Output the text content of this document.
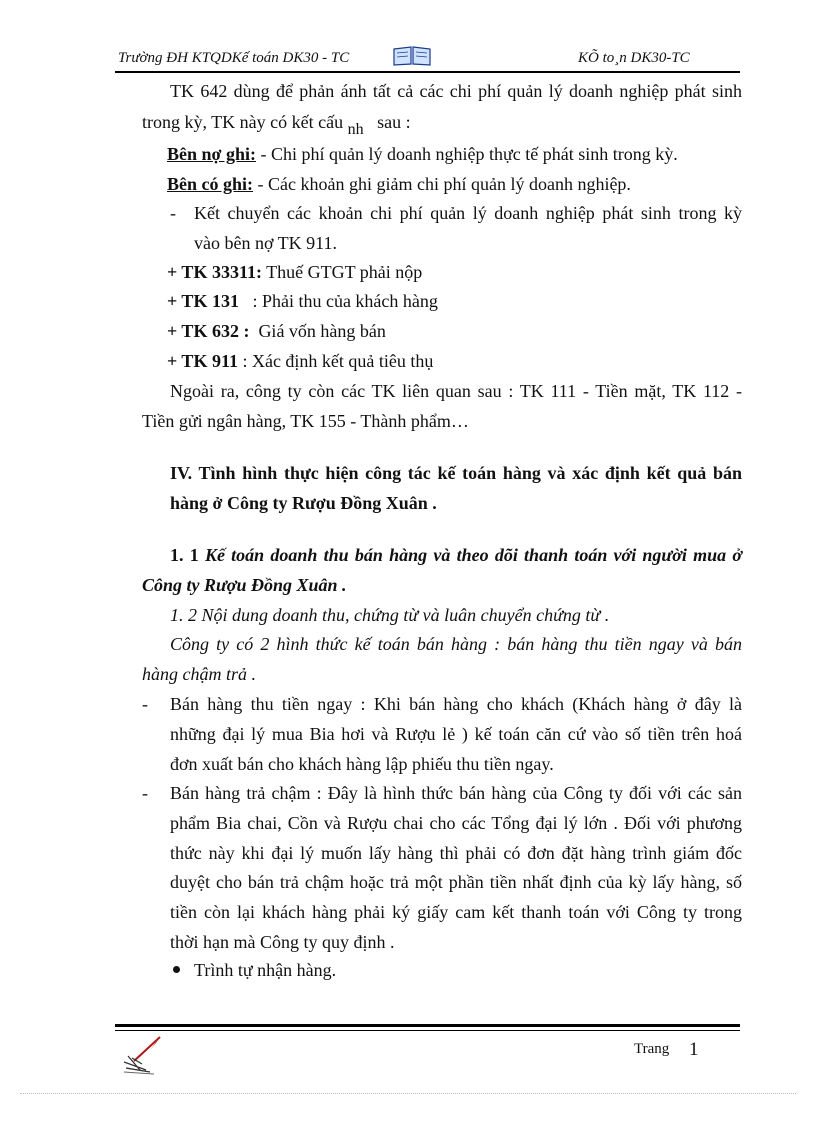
Trường ĐH KTQDKế toán DK30 - TC	KÕ to¸n DK30-TC
TK 642 dùng để phản ánh tất cả các chi phí quản lý doanh nghiệp phát sinh
trong kỳ, TK này có kết cấu nh sau :
Bên nợ ghi: - Chi phí quản lý doanh nghiệp thực tế phát sinh trong kỳ.
Bên có ghi: - Các khoản ghi giảm chi phí quản lý doanh nghiệp.
- Kết chuyển các khoản chi phí quản lý doanh nghiệp phát sinh trong kỳ
vào bên nợ TK 911.
+ TK 33311: Thuế GTGT phải nộp
+ TK 131   : Phải thu của khách hàng
+ TK 632 :  Giá vốn hàng bán
+ TK 911 : Xác định kết quả tiêu thụ
Ngoài ra, công ty còn các TK liên quan sau : TK 111 - Tiền mặt, TK 112 -
Tiền gửi ngân hàng, TK 155 - Thành phẩm…
IV. Tình hình thực hiện công tác kế toán hàng và xác định kết quả bán
hàng ở Công ty Rượu Đồng Xuân .
1. 1 Kế toán doanh thu bán hàng và theo dõi thanh toán với người mua ở
Công ty Rượu Đồng Xuân .
1. 2 Nội dung doanh thu, chứng từ và luân chuyển chứng từ .
Công ty có 2 hình thức kế toán bán hàng : bán hàng thu tiền ngay và bán
hàng chậm trả .
- Bán hàng thu tiền ngay : Khi bán hàng cho khách (Khách hàng ở đây là
những đại lý mua Bia hơi và Rượu lẻ ) kế toán căn cứ vào số tiền trên hoá
đơn xuất bán cho khách hàng lập phiếu thu tiền ngay.
- Bán hàng trả chậm : Đây là hình thức bán hàng của Công ty đối với các sản
phẩm Bia chai, Cồn và Rượu chai cho các Tổng đại lý lớn . Đối với phương
thức này khi đại lý muốn lấy hàng thì phải có đơn đặt hàng trình giám đốc
duyệt cho bán trả chậm hoặc trả một phần tiền nhất định của kỳ lấy hàng, số
tiền còn lại khách hàng phải ký giấy cam kết thanh toán với Công ty trong
thời hạn mà Công ty quy định .
Trình tự nhận hàng.
Trang 1
